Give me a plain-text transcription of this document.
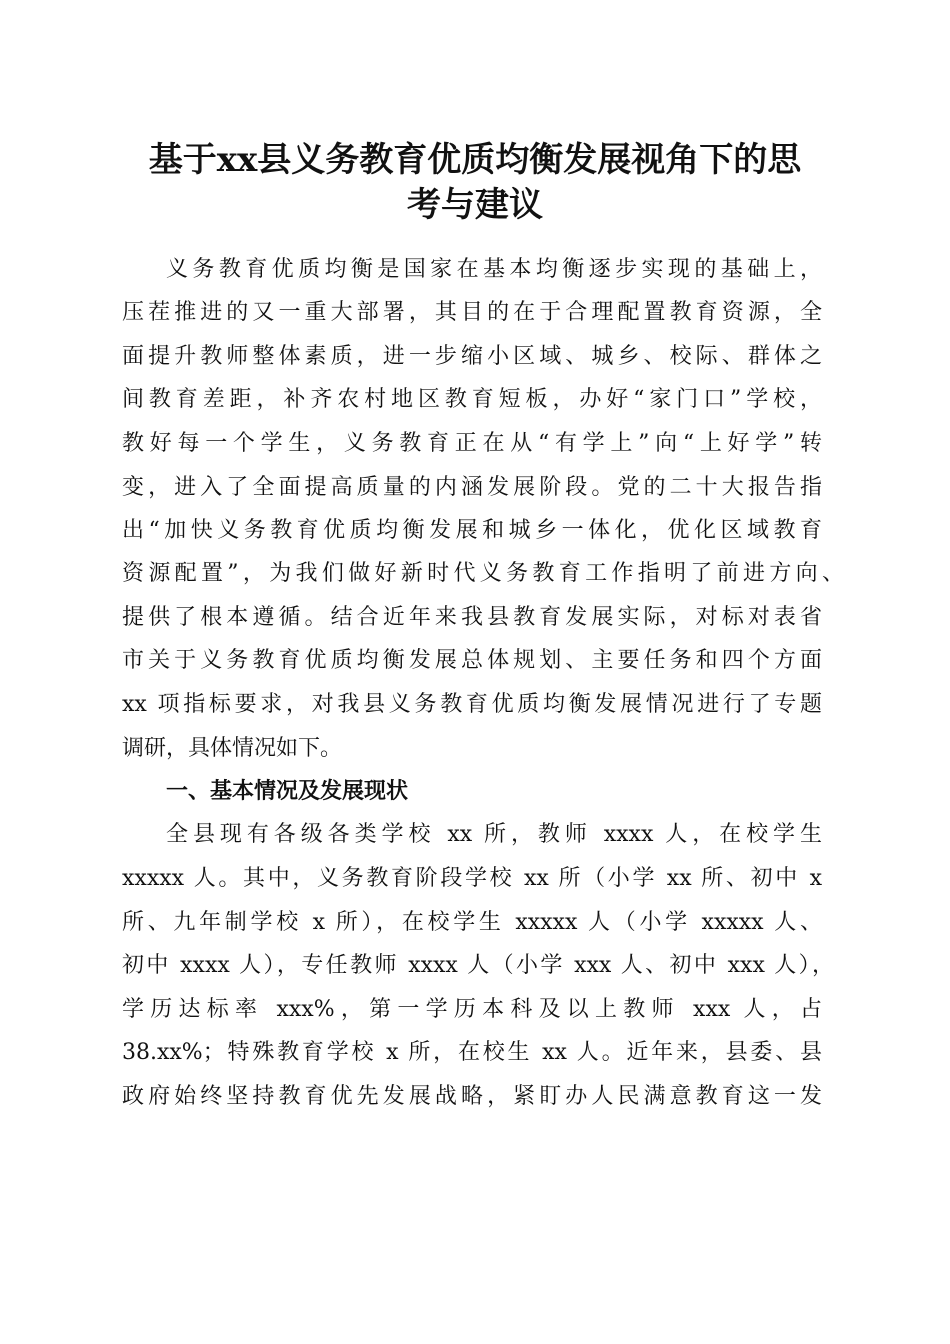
基于xx县义务教育优质均衡发展视角下的思
考与建议
义务教育优质均衡是国家在基本均衡逐步实现的基础上，
压茬推进的又一重大部署，其目的在于合理配置教育资源，全
面提升教师整体素质，进一步缩小区域、城乡、校际、群体之
间教育差距，补齐农村地区教育短板，办好“家门口”学校，
教好每一个学生，义务教育正在从“有学上”向“上好学”转
变，进入了全面提高质量的内涵发展阶段。党的二十大报告指
出“加快义务教育优质均衡发展和城乡一体化，优化区域教育
资源配置”，为我们做好新时代义务教育工作指明了前进方向、
提供了根本遵循。结合近年来我县教育发展实际，对标对表省
市关于义务教育优质均衡发展总体规划、主要任务和四个方面
xx 项指标要求，对我县义务教育优质均衡发展情况进行了专题
调研，具体情况如下。
一、基本情况及发展现状
全县现有各级各类学校 xx 所，教师 xxxx 人，在校学生
xxxxx 人。其中，义务教育阶段学校 xx 所（小学 xx 所、初中 x
所、九年制学校 x 所），在校学生 xxxxx 人（小学 xxxxx 人、
初中 xxxx 人），专任教师 xxxx 人（小学 xxx 人、初中 xxx 人），
学历达标率 xxx%，第一学历本科及以上教师 xxx 人，占
38.xx%；特殊教育学校 x 所，在校生 xx 人。近年来，县委、县
政府始终坚持教育优先发展战略，紧盯办人民满意教育这一发
